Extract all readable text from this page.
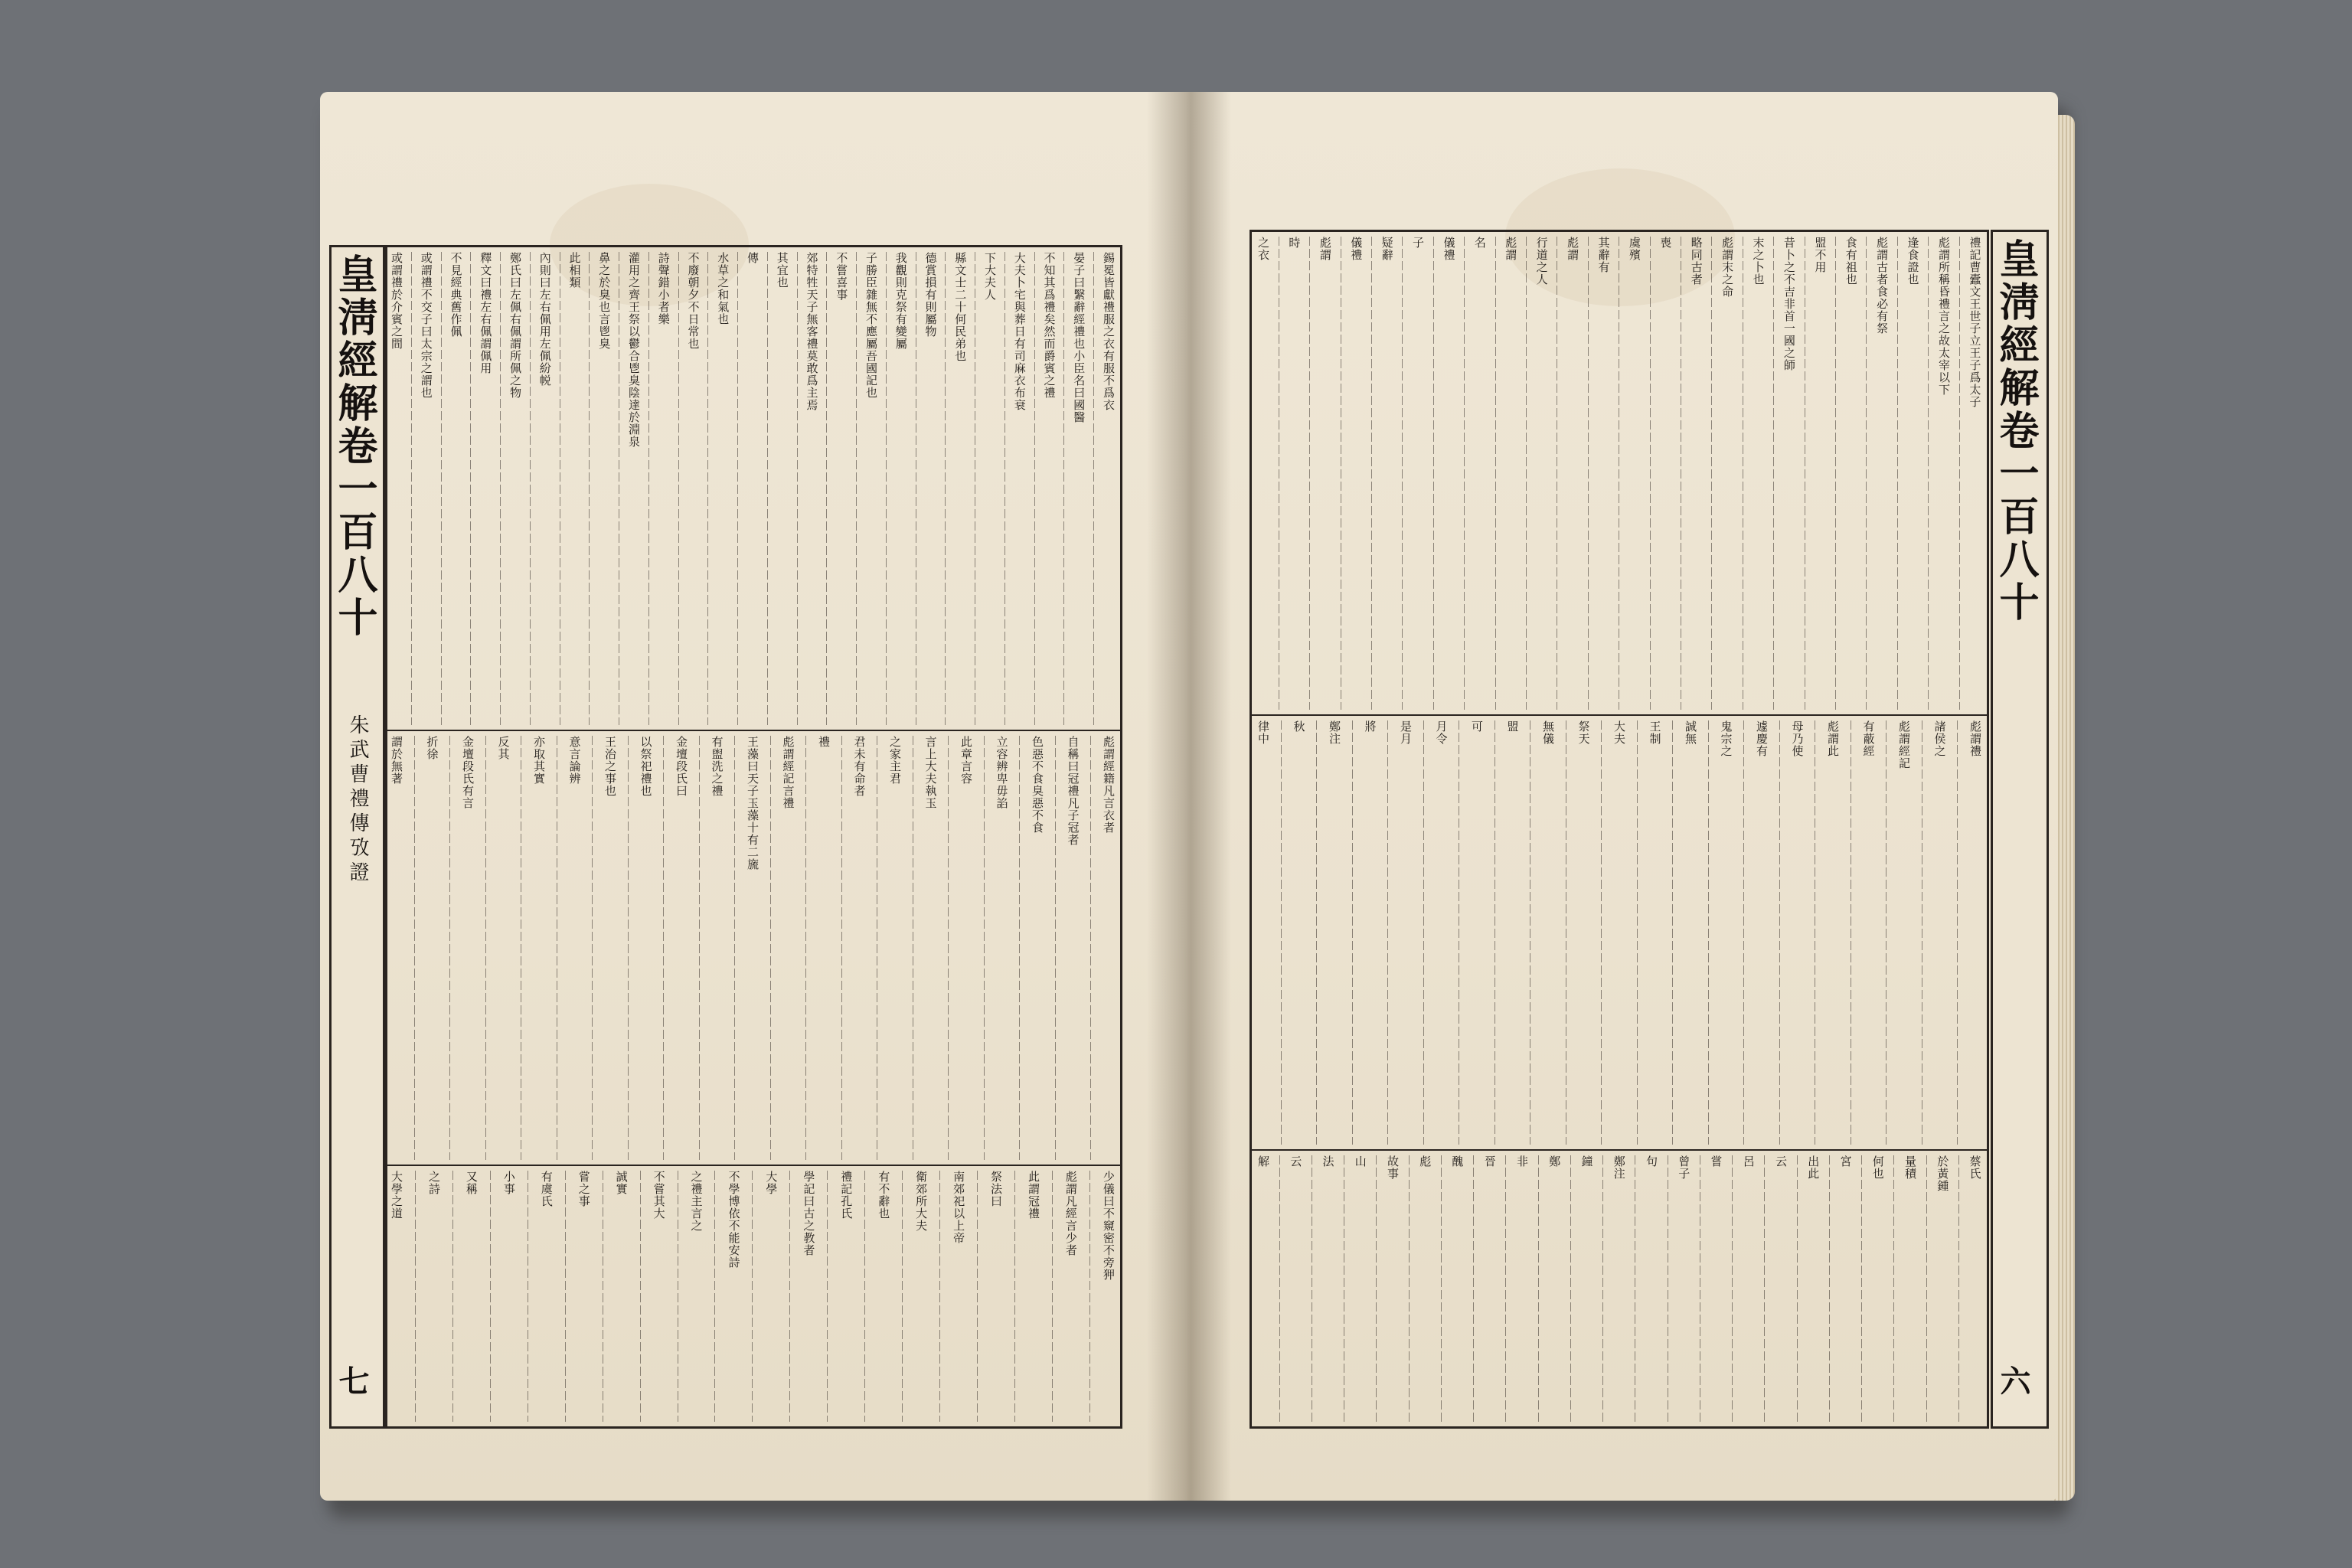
皇淸經解卷一百八十
朱武曹禮傳攷證
七
錫冕皆獻禮服之衣有服不爲衣
晏子曰繄辭經禮也小臣名曰國醫
不知其爲禮矣然而爵賓之禮
大夫卜宅與葬日有司麻衣布衰
下大夫人
縣文士二十何民弟也
德賞損有則屬物
我觀則克祭有變屬
子勝臣雜無不應屬吾國記也
不嘗喜事
郊特牲天子無客禮莫敢爲主焉
其宜也
傳
水草之和氣也
不廢朝夕不日常也
詩聲錯小者樂
灌用之齊王祭以鬱合鬯臭陰達於淵泉
鼻之於臭也言鬯臭
此相類
內則曰左右佩用左佩紛帨
鄭氏曰左佩右佩謂所佩之物
釋文曰禮左右佩謂佩用
不見經典舊作佩
或謂禮不交子曰太宗之謂也
或謂禮於介賓之間
彪謂經籍凡言衣者
自稱曰冠禮凡子冠者
色惡不食臭惡不食
立容辨卑毋諂
此章言容
言上大夫執玉
之家主君
君未有命者
禮
彪謂經記言禮
王藻曰天子玉藻十有二旒
有盥洗之禮
金壇段氏曰
以祭祀禮也
王治之事也
意言論辨
亦取其實
反其
金壇段氏有言
折徐
謂於無著
少儀曰不窺密不旁狎
彪謂凡經言少者
此謂冠禮
祭法曰
南郊祀以上帝
衛郊所大夫
有不辭也
禮記孔氏
學記曰古之教者
大學
不學博依不能安詩
之禮主言之
不嘗其大
誠實
嘗之事
有虞氏
小事
又稱
之詩
大學之道
禮記曹蠹文王世子立王子爲太子
彪謂所稱昏禮言之故太宰以下
逢食證也
彪謂古者食必有祭
食有祖也
盟不用
昔卜之不吉非首一國之師
末之卜也
彪謂末之命
略同古者
喪
虞殯
其辭有
彪謂
行道之人
彪謂
名
儀禮
子
疑辭
儀禮
彪謂
時
之衣
彪謂禮
諸侯之
彪謂經記
有蔽經
彪謂此
母乃使
遽慶有
鬼宗之
誠無
王制
大夫
祭天
無儀
盟
可
月令
是月
將
鄭注
秋
律中
蔡氏
於黃鍾
量積
何也
宮
出此
云
呂
嘗
曾子
句
鄭注
鐘
鄭
非
晉
醜
彪
故事
山
法
云
解
皇淸經解卷一百八十
六
